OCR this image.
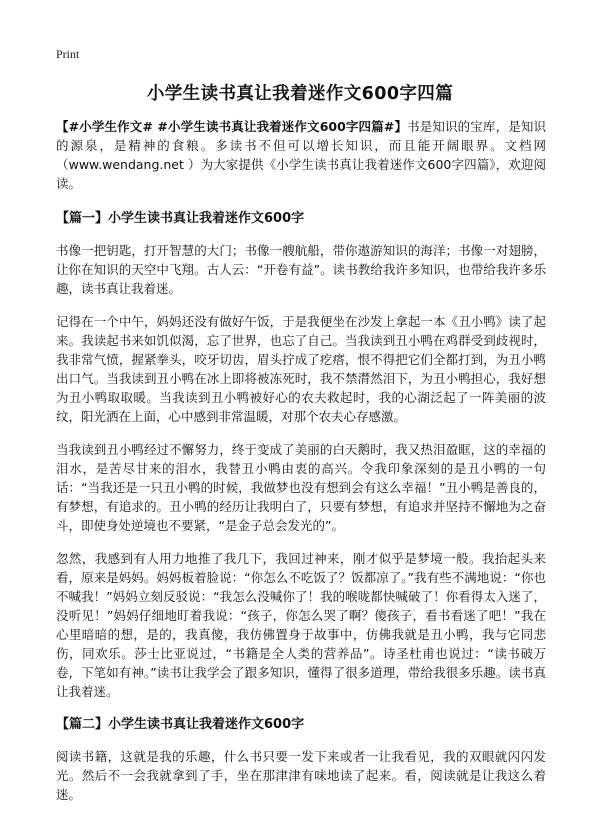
Print
小学生读书真让我着迷作文600字四篇

【#小学生作文# #小学生读书真让我着迷作文600字四篇#】书是知识的宝库，是知识的源泉，是精神的食粮。多读书不但可以增长知识，而且能开阔眼界。文档网（www.wendang.net ）为大家提供《小学生读书真让我着迷作文600字四篇》，欢迎阅读。

【篇一】小学生读书真让我着迷作文600字

书像一把钥匙，打开智慧的大门；书像一艘航船，带你遨游知识的海洋；书像一对翅膀，让你在知识的天空中飞翔。古人云：“开卷有益”。读书教给我许多知识，也带给我许多乐趣，读书真让我着迷。

记得在一个中午，妈妈还没有做好午饭，于是我便坐在沙发上拿起一本《丑小鸭》读了起来。我读起书来如饥似渴，忘了世界，也忘了自己。当我读到丑小鸭在鸡群受到歧视时，我非常气愤，握紧拳头，咬牙切齿，眉头拧成了疙瘩，恨不得把它们全都打到，为丑小鸭出口气。当我读到丑小鸭在冰上即将被冻死时，我不禁潸然泪下，为丑小鸭担心，我好想为丑小鸭取取暖。当我读到丑小鸭被好心的农夫救起时，我的心湖泛起了一阵美丽的波纹，阳光洒在上面，心中感到非常温暖，对那个农夫心存感激。

当我读到丑小鸭经过不懈努力，终于变成了美丽的白天鹅时，我又热泪盈眶，这的幸福的泪水，是苦尽甘来的泪水，我替丑小鸭由衷的高兴。令我印象深刻的是丑小鸭的一句话：“当我还是一只丑小鸭的时候，我做梦也没有想到会有这么幸福！”丑小鸭是善良的，有梦想，有追求的。丑小鸭的经历让我明白了，只要有梦想，有追求并坚持不懈地为之奋斗，即使身处逆境也不要紧，“是金子总会发光的”。

忽然，我感到有人用力地推了我几下，我回过神来，刚才似乎是梦境一般。我抬起头来看，原来是妈妈。妈妈板着脸说：“你怎么不吃饭了？饭都凉了。”我有些不满地说：“你也不喊我！”妈妈立刻反驳说：“我怎么没喊你了！我的喉咙都快喊破了！你看得太入迷了，没听见！”妈妈仔细地盯着我说：“孩子，你怎么哭了啊？傻孩子，看书看迷了吧！”我在心里暗暗的想，是的，我真傻，我仿佛置身于故事中，仿佛我就是丑小鸭，我与它同悲伤，同欢乐。莎士比亚说过，“书籍是全人类的营养品”。诗圣杜甫也说过：“读书破万卷，下笔如有神。”读书让我学会了跟多知识，懂得了很多道理，带给我很多乐趣。读书真让我着迷。

【篇二】小学生读书真让我着迷作文600字

阅读书籍，这就是我的乐趣，什么书只要一发下来或者一让我看见，我的双眼就闪闪发光。然后不一会我就拿到了手，坐在那津津有味地读了起来。看，阅读就是让我这么着迷。
